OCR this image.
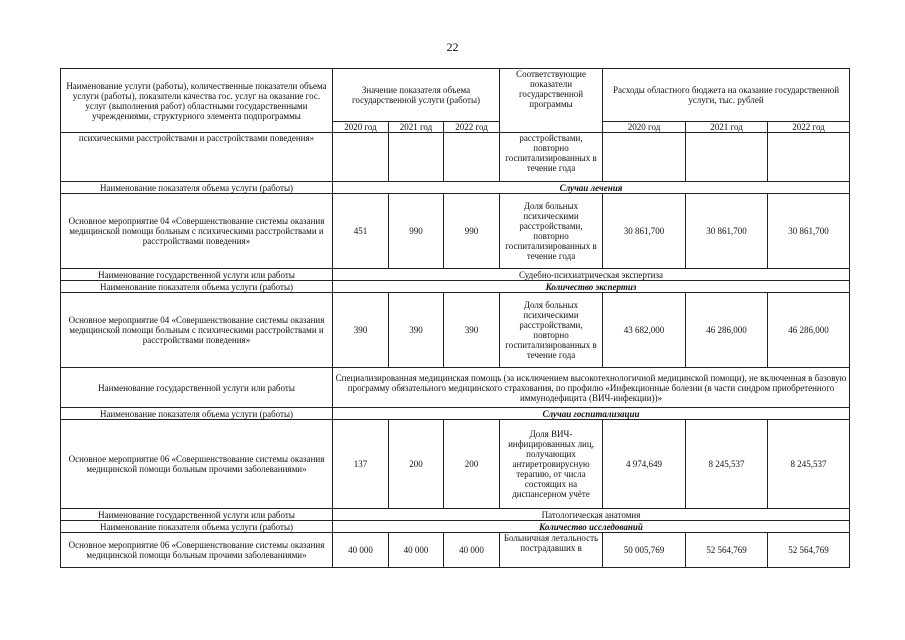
22
Наименование услуги (работы), количественные показатели объема услуги (работы), показатели качества гос. услуг на оказание гос. услуг (выполнения работ) областными государственными учреждениями, структурного элемента подпрограммы	Значение показателя объема государственной услуги (работы)			Соответствующие показатели государственной программы	Расходы областного бюджета на оказание государственной услуги, тыс. рублей		
	2020 год	2021 год	2022 год		2020 год	2021 год	2022 год
психическими расстройствами и расстройствами поведения»				расстройствами, повторно госпитализированных в течение года			
Наименование показателя объема услуги (работы)	Случаи лечения						
Основное мероприятие 04 «Совершенствование системы оказания медицинской помощи больным с психическими расстройствами и расстройствами поведения»	451	990	990	Доля больных психическими расстройствами, повторно госпитализированных в течение года	30 861,700	30 861,700	30 861,700
Наименование государственной услуги или работы	Судебно-психиатрическая экспертиза						
Наименование показателя объема услуги (работы)	Количество экспертиз						
Основное мероприятие 04 «Совершенствование системы оказания медицинской помощи больным с психическими расстройствами и расстройствами поведения»	390	390	390	Доля больных психическими расстройствами, повторно госпитализированных в течение года	43 682,000	46 286,000	46 286,000
Наименование государственной услуги или работы	Специализированная медицинская помощь (за исключением высокотехнологичной медицинской помощи), не включенная в базовую программу обязательного медицинского страхования, по профилю «Инфекционные болезни (в части синдром приобретенного иммунодефицита (ВИЧ-инфекции))»						
Наименование показателя объема услуги (работы)	Случаи госпитализации						
Основное мероприятие 06 «Совершенствование системы оказания медицинской помощи больным прочими заболеваниями»	137	200	200	Доля ВИЧ-инфицированных лиц, получающих антиретровирусную терапию, от числа состоящих на диспансерном учёте	4 974,649	8 245,537	8 245,537
Наименование государственной услуги или работы	Патологическая анатомия						
Наименование показателя объема услуги (работы)	Количество исследований						
Основное мероприятие 06 «Совершенствование системы оказания медицинской помощи больным прочими заболеваниями»	40 000	40 000	40 000	Больничная летальность пострадавших в	50 005,769	52 564,769	52 564,769
